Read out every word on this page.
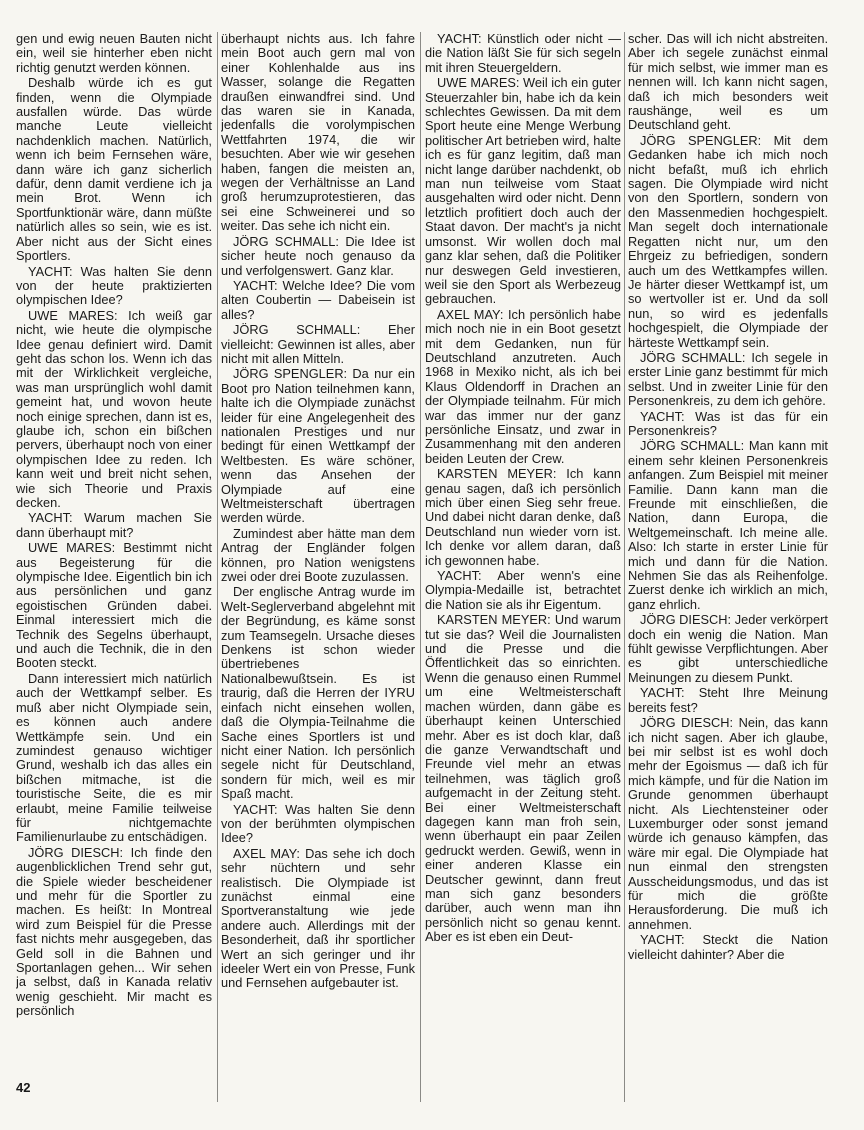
gen und ewig neuen Bauten nicht ein, weil sie hinterher eben nicht richtig genutzt werden können.

Deshalb würde ich es gut finden, wenn die Olympiade ausfallen würde. Das würde manche Leute vielleicht nachdenklich machen. Natürlich, wenn ich beim Fernsehen wäre, dann wäre ich ganz sicherlich dafür, denn damit verdiene ich ja mein Brot. Wenn ich Sportfunktionär wäre, dann müßte natürlich alles so sein, wie es ist. Aber nicht aus der Sicht eines Sportlers.

YACHT: Was halten Sie denn von der heute praktizierten olympischen Idee?

UWE MARES: Ich weiß gar nicht, wie heute die olympische Idee genau definiert wird. Damit geht das schon los. Wenn ich das mit der Wirklichkeit vergleiche, was man ursprünglich wohl damit gemeint hat, und wovon heute noch einige sprechen, dann ist es, glaube ich, schon ein bißchen pervers, überhaupt noch von einer olympischen Idee zu reden. Ich kann weit und breit nicht sehen, wie sich Theorie und Praxis decken.

YACHT: Warum machen Sie dann überhaupt mit?

UWE MARES: Bestimmt nicht aus Begeisterung für die olympische Idee. Eigentlich bin ich aus persönlichen und ganz egoistischen Gründen dabei. Einmal interessiert mich die Technik des Segelns überhaupt, und auch die Technik, die in den Booten steckt.

Dann interessiert mich natürlich auch der Wettkampf selber. Es muß aber nicht Olympiade sein, es können auch andere Wettkämpfe sein. Und ein zumindest genauso wichtiger Grund, weshalb ich das alles ein bißchen mitmache, ist die touristische Seite, die es mir erlaubt, meine Familie teilweise für nichtgemachte Familienurlaube zu entschädigen.

JÖRG DIESCH: Ich finde den augenblicklichen Trend sehr gut, die Spiele wieder bescheidener und mehr für die Sportler zu machen. Es heißt: In Montreal wird zum Beispiel für die Presse fast nichts mehr ausgegeben, das Geld soll in die Bahnen und Sportanlagen gehen... Wir sehen ja selbst, daß in Kanada relativ wenig geschieht. Mir macht es persönlich

überhaupt nichts aus. Ich fahre mein Boot auch gern mal von einer Kohlenhalde aus ins Wasser, solange die Regatten draußen einwandfrei sind. Und das waren sie in Kanada, jedenfalls die vorolympischen Wettfahrten 1974, die wir besuchten. Aber wie wir gesehen haben, fangen die meisten an, wegen der Verhältnisse an Land groß herumzuprotestieren, das sei eine Schweinerei und so weiter. Das sehe ich nicht ein.

JÖRG SCHMALL: Die Idee ist sicher heute noch genauso da und verfolgenswert. Ganz klar.

YACHT: Welche Idee? Die vom alten Coubertin — Dabeisein ist alles?

JÖRG SCHMALL: Eher vielleicht: Gewinnen ist alles, aber nicht mit allen Mitteln.

JÖRG SPENGLER: Da nur ein Boot pro Nation teilnehmen kann, halte ich die Olympiade zunächst leider für eine Angelegenheit des nationalen Prestiges und nur bedingt für einen Wettkampf der Weltbesten. Es wäre schöner, wenn das Ansehen der Olympiade auf eine Weltmeisterschaft übertragen werden würde.

Zumindest aber hätte man dem Antrag der Engländer folgen können, pro Nation wenigstens zwei oder drei Boote zuzulassen.

Der englische Antrag wurde im Welt-Seglerverband abgelehnt mit der Begründung, es käme sonst zum Teamsegeln. Ursache dieses Denkens ist schon wieder übertriebenes Nationalbewußtsein. Es ist traurig, daß die Herren der IYRU einfach nicht einsehen wollen, daß die Olympia-Teilnahme die Sache eines Sportlers ist und nicht einer Nation. Ich persönlich segele nicht für Deutschland, sondern für mich, weil es mir Spaß macht.

YACHT: Was halten Sie denn von der berühmten olympischen Idee?

AXEL MAY: Das sehe ich doch sehr nüchtern und sehr realistisch. Die Olympiade ist zunächst einmal eine Sportveranstaltung wie jede andere auch. Allerdings mit der Besonderheit, daß ihr sportlicher Wert an sich geringer und ihr ideeler Wert ein von Presse, Funk und Fernsehen aufgebauter ist.

YACHT: Künstlich oder nicht — die Nation läßt Sie für sich segeln mit ihren Steuergeldern.

UWE MARES: Weil ich ein guter Steuerzahler bin, habe ich da kein schlechtes Gewissen. Da mit dem Sport heute eine Menge Werbung politischer Art betrieben wird, halte ich es für ganz legitim, daß man nicht lange darüber nachdenkt, ob man nun teilweise vom Staat ausgehalten wird oder nicht. Denn letztlich profitiert doch auch der Staat davon. Der macht's ja nicht umsonst. Wir wollen doch mal ganz klar sehen, daß die Politiker nur deswegen Geld investieren, weil sie den Sport als Werbezeug gebrauchen.

AXEL MAY: Ich persönlich habe mich noch nie in ein Boot gesetzt mit dem Gedanken, nun für Deutschland anzutreten. Auch 1968 in Mexiko nicht, als ich bei Klaus Oldendorff in Drachen an der Olympiade teilnahm. Für mich war das immer nur der ganz persönliche Einsatz, und zwar in Zusammenhang mit den anderen beiden Leuten der Crew.

KARSTEN MEYER: Ich kann genau sagen, daß ich persönlich mich über einen Sieg sehr freue. Und dabei nicht daran denke, daß Deutschland nun wieder vorn ist. Ich denke vor allem daran, daß ich gewonnen habe.

YACHT: Aber wenn's eine Olympia-Medaille ist, betrachtet die Nation sie als ihr Eigentum.

KARSTEN MEYER: Und warum tut sie das? Weil die Journalisten und die Presse und die Öffentlichkeit das so einrichten. Wenn die genauso einen Rummel um eine Weltmeisterschaft machen würden, dann gäbe es überhaupt keinen Unterschied mehr. Aber es ist doch klar, daß die ganze Verwandtschaft und Freunde viel mehr an etwas teilnehmen, was täglich groß aufgemacht in der Zeitung steht. Bei einer Weltmeisterschaft dagegen kann man froh sein, wenn überhaupt ein paar Zeilen gedruckt werden. Gewiß, wenn in einer anderen Klasse ein Deutscher gewinnt, dann freut man sich ganz besonders darüber, auch wenn man ihn persönlich nicht so genau kennt. Aber es ist eben ein Deut-

scher. Das will ich nicht abstreiten. Aber ich segele zunächst einmal für mich selbst, wie immer man es nennen will. Ich kann nicht sagen, daß ich mich besonders weit raushänge, weil es um Deutschland geht.

JÖRG SPENGLER: Mit dem Gedanken habe ich mich noch nicht befaßt, muß ich ehrlich sagen. Die Olympiade wird nicht von den Sportlern, sondern von den Massenmedien hochgespielt. Man segelt doch internationale Regatten nicht nur, um den Ehrgeiz zu befriedigen, sondern auch um des Wettkampfes willen. Je härter dieser Wettkampf ist, um so wertvoller ist er. Und da soll nun, so wird es jedenfalls hochgespielt, die Olympiade der härteste Wettkampf sein.

JÖRG SCHMALL: Ich segele in erster Linie ganz bestimmt für mich selbst. Und in zweiter Linie für den Personenkreis, zu dem ich gehöre.

YACHT: Was ist das für ein Personenkreis?

JÖRG SCHMALL: Man kann mit einem sehr kleinen Personenkreis anfangen. Zum Beispiel mit meiner Familie. Dann kann man die Freunde mit einschließen, die Nation, dann Europa, die Weltgemeinschaft. Ich meine alle. Also: Ich starte in erster Linie für mich und dann für die Nation. Nehmen Sie das als Reihenfolge. Zuerst denke ich wirklich an mich, ganz ehrlich.

JÖRG DIESCH: Jeder verkörpert doch ein wenig die Nation. Man fühlt gewisse Verpflichtungen. Aber es gibt unterschiedliche Meinungen zu diesem Punkt.

YACHT: Steht Ihre Meinung bereits fest?

JÖRG DIESCH: Nein, das kann ich nicht sagen. Aber ich glaube, bei mir selbst ist es wohl doch mehr der Egoismus — daß ich für mich kämpfe, und für die Nation im Grunde genommen überhaupt nicht. Als Liechtensteiner oder Luxemburger oder sonst jemand würde ich genauso kämpfen, das wäre mir egal. Die Olympiade hat nun einmal den strengsten Ausscheidungsmodus, und das ist für mich die größte Herausforderung. Die muß ich annehmen.

YACHT: Steckt die Nation vielleicht dahinter? Aber die

42
